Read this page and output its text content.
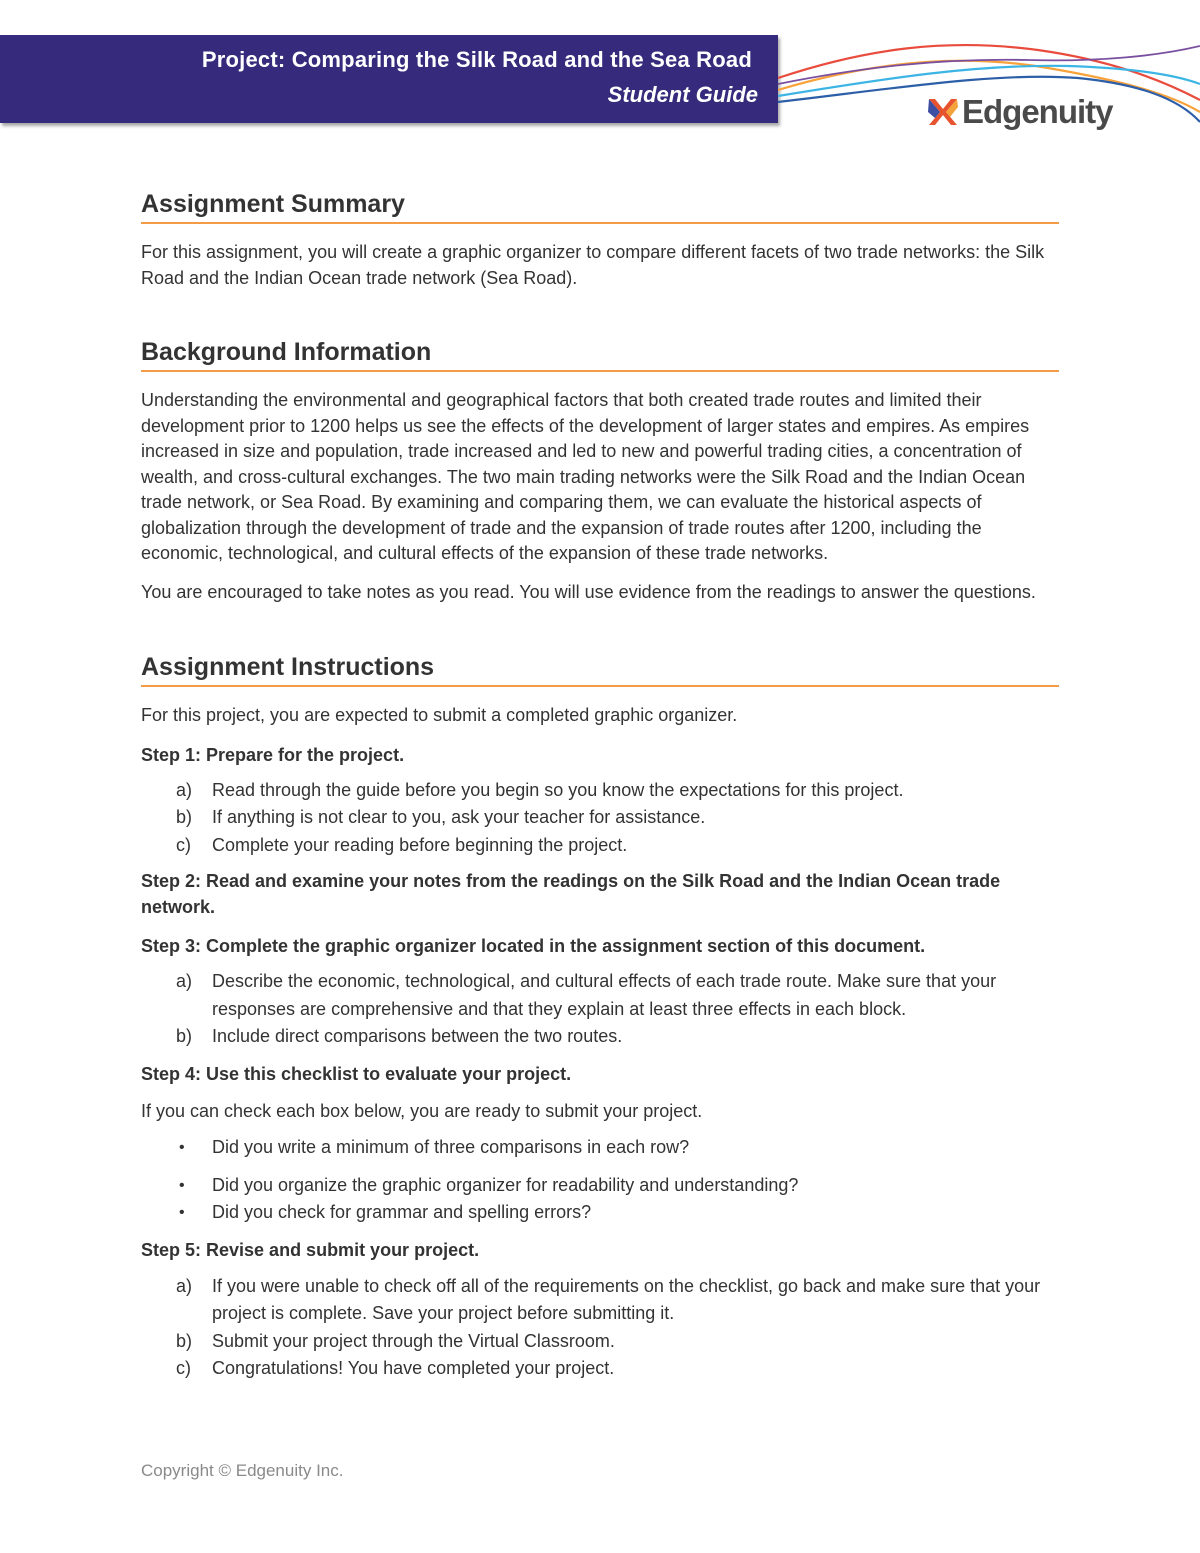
Project: Comparing the Silk Road and the Sea Road
Student Guide	Edgenuity
Assignment Summary

For this assignment, you will create a graphic organizer to compare different facets of two trade networks: the Silk Road and the Indian Ocean trade network (Sea Road).

Background Information

Understanding the environmental and geographical factors that both created trade routes and limited their development prior to 1200 helps us see the effects of the development of larger states and empires. As empires increased in size and population, trade increased and led to new and powerful trading cities, a concentration of wealth, and cross-cultural exchanges. The two main trading networks were the Silk Road and the Indian Ocean trade network, or Sea Road. By examining and comparing them, we can evaluate the historical aspects of globalization through the development of trade and the expansion of trade routes after 1200, including the economic, technological, and cultural effects of the expansion of these trade networks.

You are encouraged to take notes as you read. You will use evidence from the readings to answer the questions.

Assignment Instructions

For this project, you are expected to submit a completed graphic organizer.

Step 1: Prepare for the project.

a) Read through the guide before you begin so you know the expectations for this project.
b) If anything is not clear to you, ask your teacher for assistance.
c) Complete your reading before beginning the project.

Step 2: Read and examine your notes from the readings on the Silk Road and the Indian Ocean trade network.

Step 3: Complete the graphic organizer located in the assignment section of this document.

a) Describe the economic, technological, and cultural effects of each trade route. Make sure that your responses are comprehensive and that they explain at least three effects in each block.
b) Include direct comparisons between the two routes.

Step 4: Use this checklist to evaluate your project.

If you can check each box below, you are ready to submit your project.

• Did you write a minimum of three comparisons in each row?
• Did you organize the graphic organizer for readability and understanding?
• Did you check for grammar and spelling errors?

Step 5: Revise and submit your project.

a) If you were unable to check off all of the requirements on the checklist, go back and make sure that your project is complete. Save your project before submitting it.
b) Submit your project through the Virtual Classroom.
c) Congratulations! You have completed your project.
Copyright © Edgenuity Inc.
